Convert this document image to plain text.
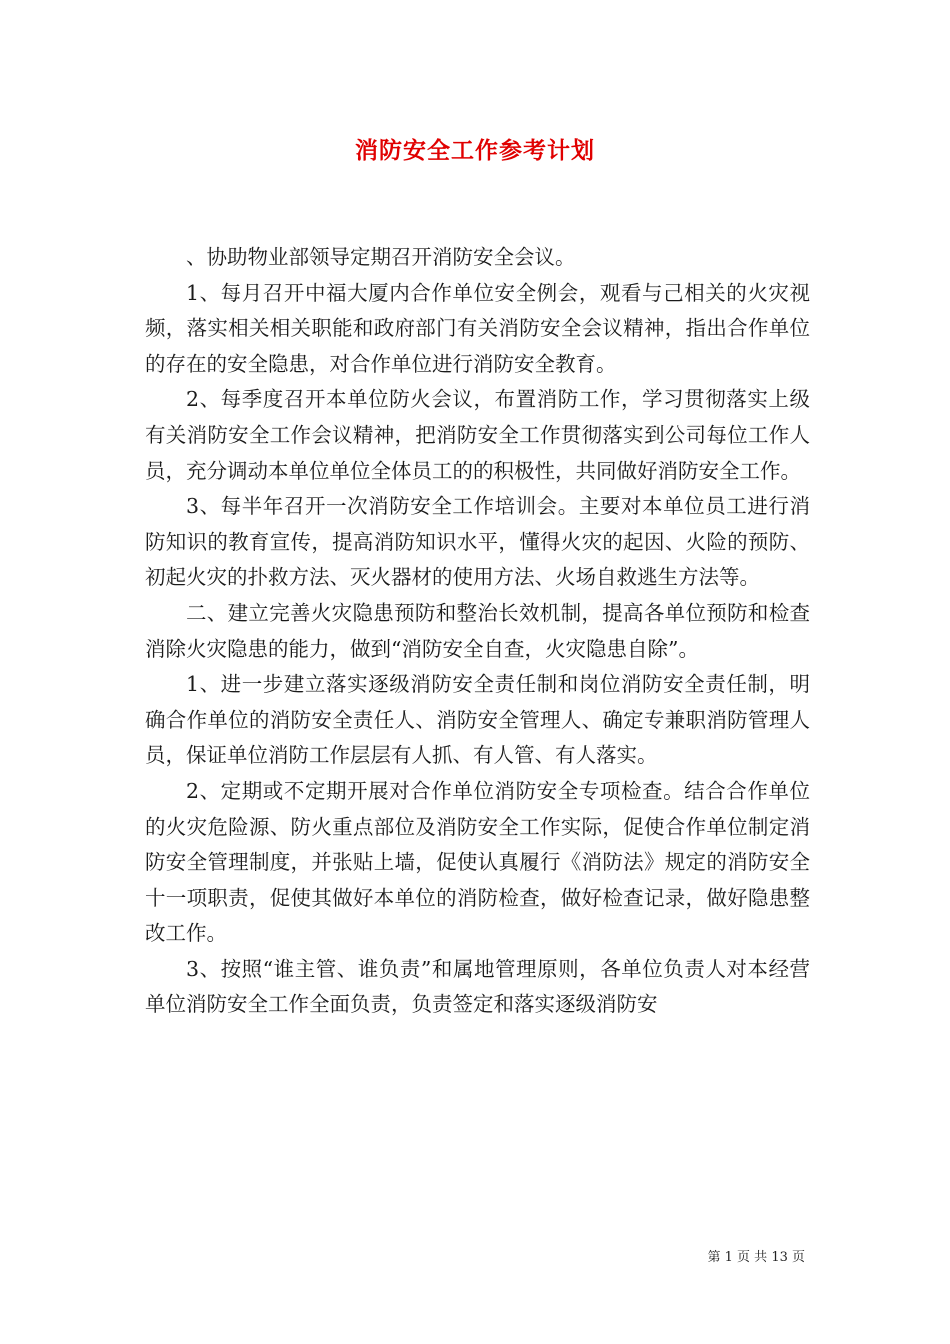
消防安全工作参考计划

、协助物业部领导定期召开消防安全会议。

1、每月召开中福大厦内合作单位安全例会，观看与己相关的火灾视频，落实相关相关职能和政府部门有关消防安全会议精神，指出合作单位的存在的安全隐患，对合作单位进行消防安全教育。

2、每季度召开本单位防火会议，布置消防工作，学习贯彻落实上级有关消防安全工作会议精神，把消防安全工作贯彻落实到公司每位工作人员，充分调动本单位单位全体员工的的积极性，共同做好消防安全工作。

3、每半年召开一次消防安全工作培训会。主要对本单位员工进行消防知识的教育宣传，提高消防知识水平，懂得火灾的起因、火险的预防、初起火灾的扑救方法、灭火器材的使用方法、火场自救逃生方法等。

二、建立完善火灾隐患预防和整治长效机制，提高各单位预防和检查消除火灾隐患的能力，做到“消防安全自查，火灾隐患自除”。

1、进一步建立落实逐级消防安全责任制和岗位消防安全责任制，明确合作单位的消防安全责任人、消防安全管理人、确定专兼职消防管理人员，保证单位消防工作层层有人抓、有人管、有人落实。

2、定期或不定期开展对合作单位消防安全专项检查。结合合作单位的火灾危险源、防火重点部位及消防安全工作实际，促使合作单位制定消防安全管理制度，并张贴上墙，促使认真履行《消防法》规定的消防安全十一项职责，促使其做好本单位的消防检查，做好检查记录，做好隐患整改工作。

3、按照“谁主管、谁负责”和属地管理原则，各单位负责人对本经营单位消防安全工作全面负责，负责签定和落实逐级消防安

第 1 页 共 13 页
